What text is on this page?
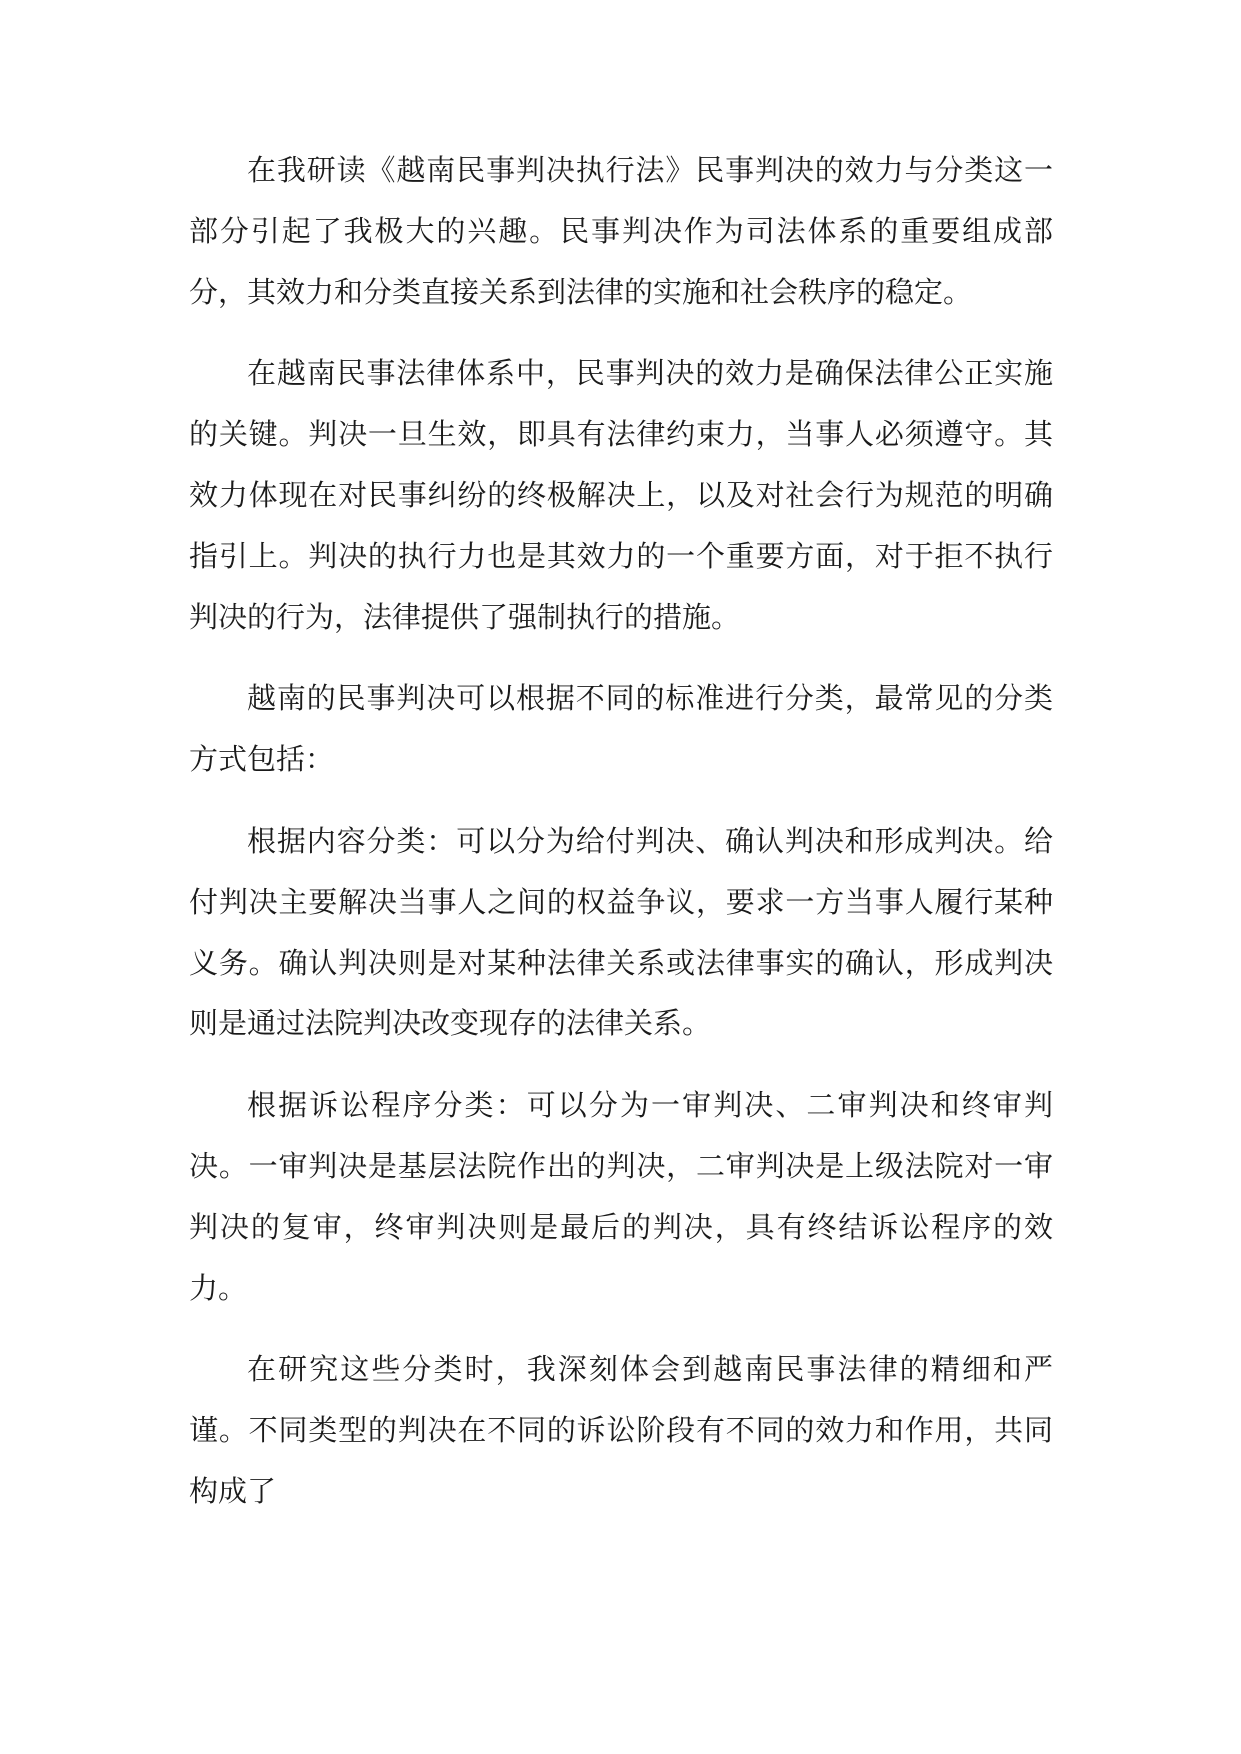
在我研读《越南民事判决执行法》民事判决的效力与分类这一部分引起了我极大的兴趣。民事判决作为司法体系的重要组成部分，其效力和分类直接关系到法律的实施和社会秩序的稳定。

在越南民事法律体系中，民事判决的效力是确保法律公正实施的关键。判决一旦生效，即具有法律约束力，当事人必须遵守。其效力体现在对民事纠纷的终极解决上，以及对社会行为规范的明确指引上。判决的执行力也是其效力的一个重要方面，对于拒不执行判决的行为，法律提供了强制执行的措施。

越南的民事判决可以根据不同的标准进行分类，最常见的分类方式包括：

根据内容分类：可以分为给付判决、确认判决和形成判决。给付判决主要解决当事人之间的权益争议，要求一方当事人履行某种义务。确认判决则是对某种法律关系或法律事实的确认，形成判决则是通过法院判决改变现存的法律关系。

根据诉讼程序分类：可以分为一审判决、二审判决和终审判决。一审判决是基层法院作出的判决，二审判决是上级法院对一审判决的复审，终审判决则是最后的判决，具有终结诉讼程序的效力。

在研究这些分类时，我深刻体会到越南民事法律的精细和严谨。不同类型的判决在不同的诉讼阶段有不同的效力和作用，共同构成了
